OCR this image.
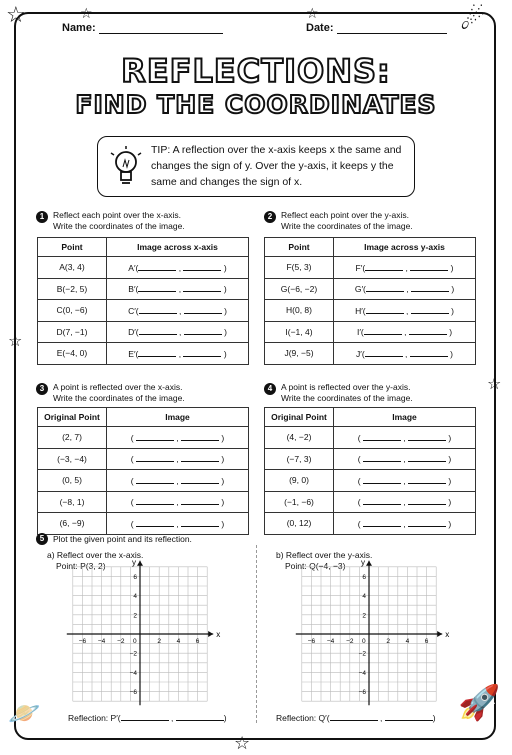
☆	☆	☆	☄
☆
☆
🪐
☆
🚀
Name:	Date:
REFLECTIONS:
FIND THE COORDINATES
TIP: A reflection over the x-axis keeps x the same and changes the sign of y. Over the y-axis, it keeps y the same and changes the sign of x.
1	Reflect each point over the x-axis.
Write the coordinates of the image.
Point	Image across x-axis
A(3, 4)	A′( , )
B(−2, 5)	B′( , )
C(0, −6)	C′( , )
D(7, −1)	D′( , )
E(−4, 0)	E′( , )
2	Reflect each point over the y-axis.
Write the coordinates of the image.
Point	Image across y-axis
F(5, 3)	F′( , )
G(−6, −2)	G′( , )
H(0, 8)	H′( , )
I(−1, 4)	I′( , )
J(9, −5)	J′( , )
3	A point is reflected over the x-axis.
Write the coordinates of the image.
Original Point	Image
(2, 7)	( , )
(−3, −4)	( , )
(0, 5)	( , )
(−8, 1)	( , )
(6, −9)	( , )
4	A point is reflected over the y-axis.
Write the coordinates of the image.
Original Point	Image
(4, −2)	( , )
(−7, 3)	( , )
(9, 0)	( , )
(−1, −6)	( , )
(0, 12)	( , )
5	Plot the given point and its reflection.
a) Reflect over the x-axis.
Point: P(3, 2)
b) Reflect over the y-axis.
Point: Q(−4, −3)
x
y
0
−6 −4 −2	2 4 6
6
4
2
−2
−4
−6
x
y
0
−6 −4 −2	2 4 6
6
4
2
−2
−4
−6
Reflection: P′(	,	)	Reflection: Q′(	,	)
